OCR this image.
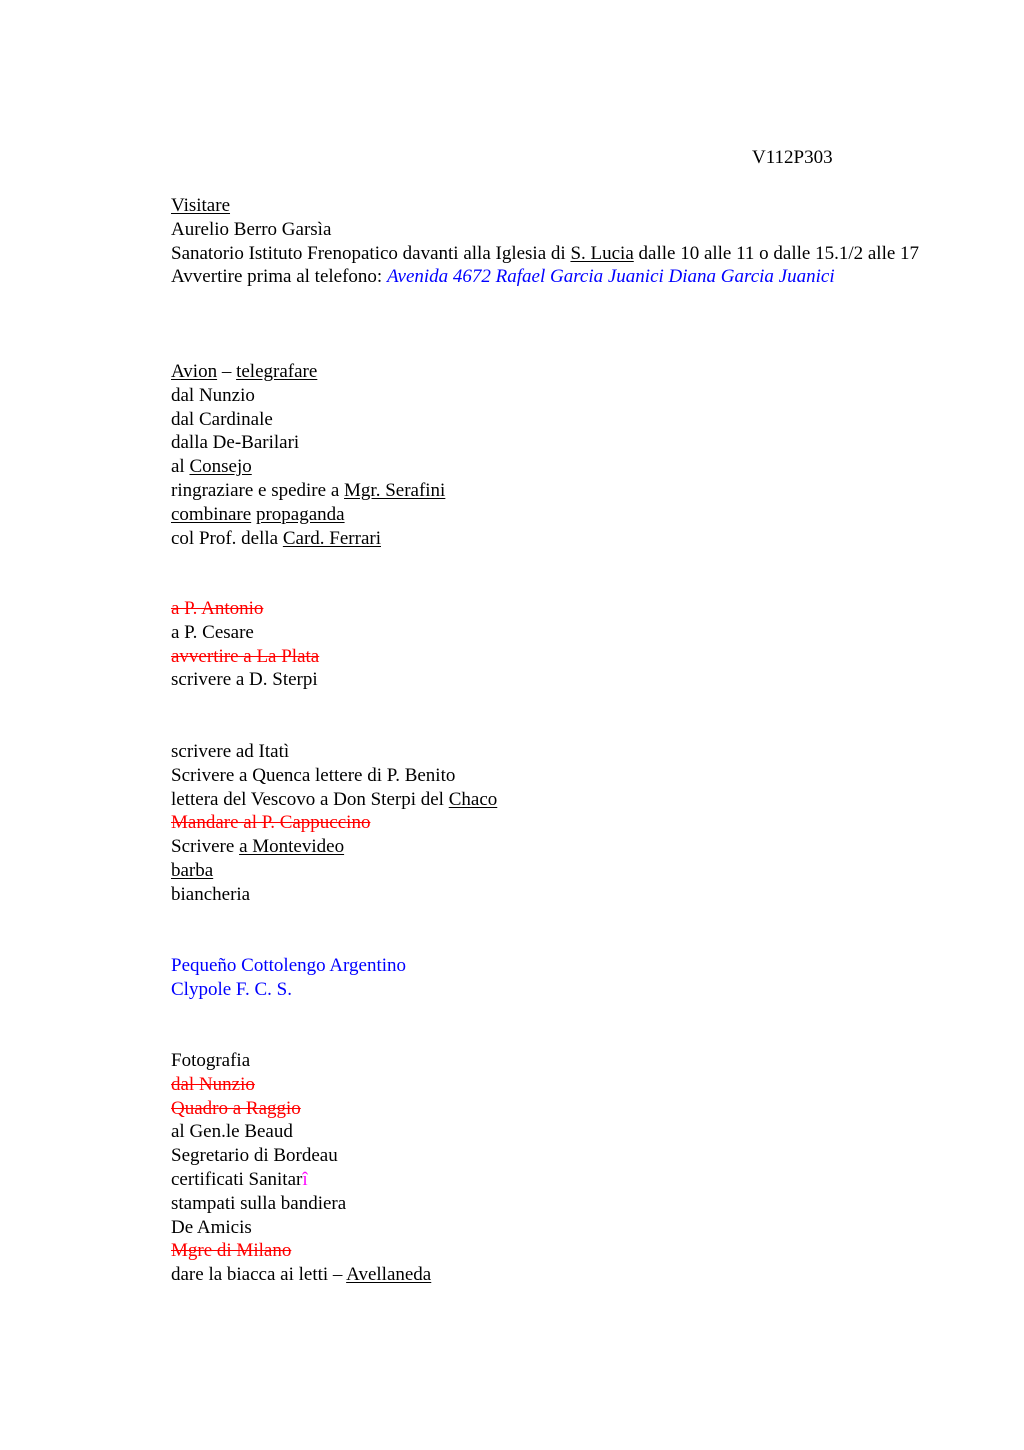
V112P303
Visitare
Aurelio Berro Garsìa
Sanatorio Istituto Frenopatico davanti alla Iglesia di S. Lucia dalle 10 alle 11 o dalle 15.1/2 alle 17
Avvertire prima al telefono: Avenida 4672 Rafael Garcia Juanici Diana Garcia Juanici
Avion – telegrafare
dal Nunzio
dal Cardinale
dalla De-Barilari
al Consejo
ringraziare e spedire a Mgr. Serafini
combinare propaganda
col Prof. della Card. Ferrari
a P. Antonio
a P. Cesare
avvertire a La Plata
scrivere a D. Sterpi
scrivere ad Itatì
Scrivere a Quenca lettere di P. Benito
lettera del Vescovo a Don Sterpi del Chaco
Mandare al P. Cappuccino
Scrivere a Montevideo
barba
biancheria
Pequeño Cottolengo Argentino
Clypole F. C. S.
Fotografia
dal Nunzio
Quadro a Raggio
al Gen.le Beaud
Segretario di Bordeau
certificati Sanitarî
stampati sulla bandiera
De Amicis
Mgre di Milano
dare la biacca ai letti – Avellaneda
